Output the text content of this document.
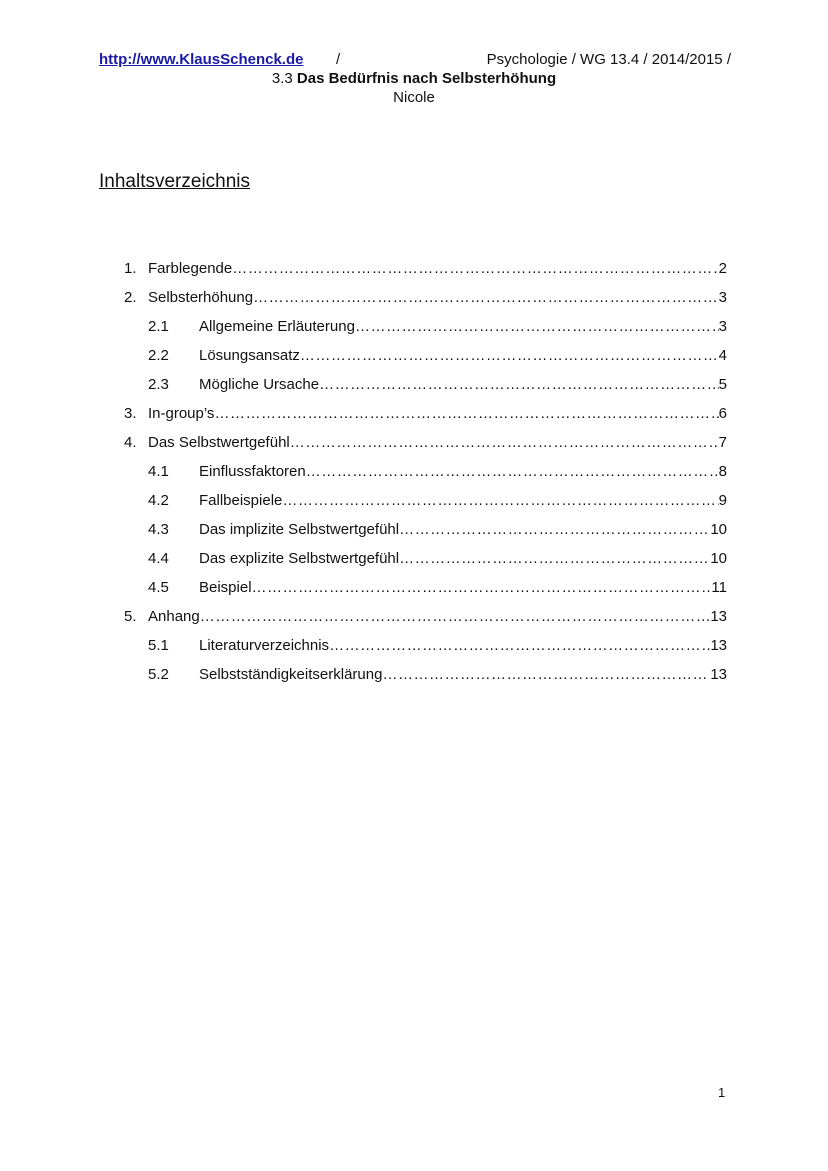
http://www.KlausSchenck.de /	Psychologie / WG 13.4 / 2014/2015 /
3.3 Das Bedürfnis nach Selbsterhöhung
Nicole
Inhaltsverzeichnis
1. Farblegende ………………………………………………………………………………………………………………………………………………	2
2. Selbsterhöhung ………………………………………………………………………………………………………………………………………………	3
2.1 Allgemeine Erläuterung ………………………………………………………………………………………………………………………………………………	3
2.2 Lösungsansatz ………………………………………………………………………………………………………………………………………………	4
2.3 Mögliche Ursache ………………………………………………………………………………………………………………………………………………	5
3. In-group’s ………………………………………………………………………………………………………………………………………………	6
4. Das Selbstwertgefühl ………………………………………………………………………………………………………………………………………………	7
4.1 Einflussfaktoren ………………………………………………………………………………………………………………………………………………	8
4.2 Fallbeispiele ………………………………………………………………………………………………………………………………………………	9
4.3 Das implizite Selbstwertgefühl ………………………………………………………………………………………………………………………………………………	10
4.4 Das explizite Selbstwertgefühl ………………………………………………………………………………………………………………………………………………	10
4.5 Beispiel ………………………………………………………………………………………………………………………………………………	11
5. Anhang ………………………………………………………………………………………………………………………………………………	13
5.1 Literaturverzeichnis ………………………………………………………………………………………………………………………………………………	13
5.2 Selbstständigkeitserklärung ………………………………………………………………………………………………………………………………………………	13
1
